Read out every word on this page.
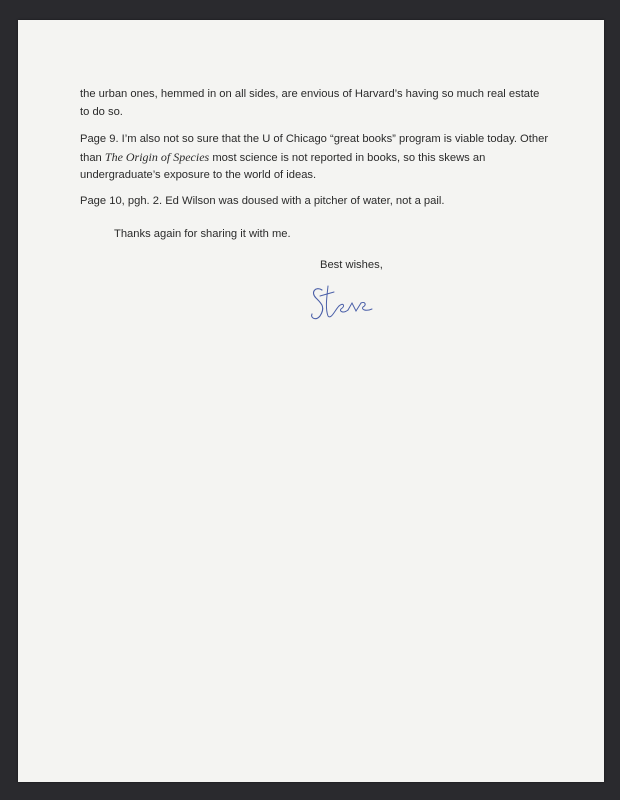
the urban ones, hemmed in on all sides, are envious of Harvard’s having so much real estate to do so.

Page 9. I’m also not so sure that the U of Chicago “great books” program is viable today. Other than The Origin of Species most science is not reported in books, so this skews an undergraduate’s exposure to the world of ideas.

Page 10, pgh. 2. Ed Wilson was doused with a pitcher of water, not a pail.

Thanks again for sharing it with me.

Best wishes,
